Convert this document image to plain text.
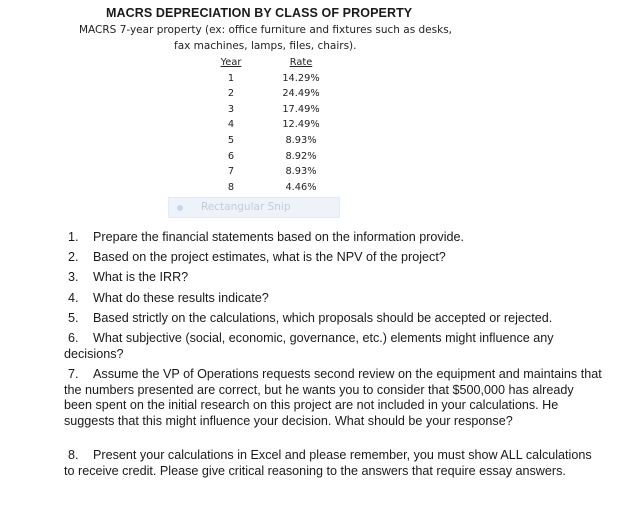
MACRS DEPRECIATION BY CLASS OF PROPERTY
MACRS 7-year property (ex: office furniture and fixtures such as desks,
fax machines, lamps, files, chairs).
Year	Rate
1	14.29%
2	24.49%
3	17.49%
4	12.49%
5	8.93%
6	8.92%
7	8.93%
8	4.46%
Rectangular Snip
1.	Prepare the financial statements based on the information provide.
2.	Based on the project estimates, what is the NPV of the project?
3.	What is the IRR?
4.	What do these results indicate?
5.	Based strictly on the calculations, which proposals should be accepted or rejected.
6.	What subjective (social, economic, governance, etc.) elements might influence any decisions?
7.	Assume the VP of Operations requests second review on the equipment and maintains that the numbers presented are correct, but he wants you to consider that $500,000 has already been spent on the initial research on this project are not included in your calculations. He suggests that this might influence your decision. What should be your response?
8.	Present your calculations in Excel and please remember, you must show ALL calculations to receive credit. Please give critical reasoning to the answers that require essay answers.
